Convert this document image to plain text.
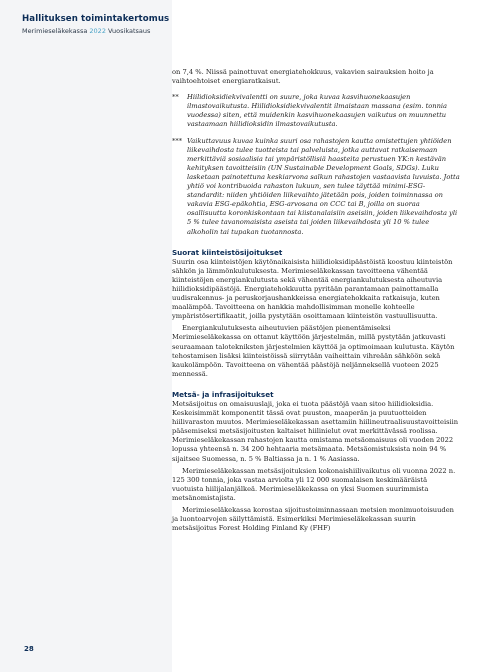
Hallituksen toimintakertomus
Merimieseläkekassa 2022 Vuosikatsaus

on 7,4 %. Niissä painottuvat energiatehokkuus, vakavien sairauksien hoito ja vaihtoehtoiset energiaratkaisut.

**	Hiilidioksidiekvivalentti on suure, joka kuvaa kasvihuonekaasujen ilmastovaikutusta. Hiilidioksidiekvivalentit ilmaistaan massana (esim. tonnia vuodessa) siten, että muidenkin kasvihuonekaasujen vaikutus on muunnettu vastaamaan hiilidioksidin ilmastovaikutusta.
*** Vaikuttavuus kuvaa kuinka suuri osa rahastojen kautta omistettujen yhtiöiden liikevaihdosta tulee tuotteista tai palveluista, jotka auttavat ratkaisemaan merkittäviä sosiaalisia tai ympäristöllisiä haasteita perustuen YK:n kestävän kehityksen tavoitteisiin (UN Sustainable Development Goals, SDGs). Luku lasketaan painotettuna keskiarvona salkun rahastojen vastaavista luvuista. Jotta yhtiö voi kontribuoida rahaston lukuun, sen tulee täyttää minimi-ESG-standardit: niiden yhtiöiden liikevaihto jätetään pois, joiden toiminnassa on vakavia ESG-epäkohtia, ESG-arvosana on CCC tai B, joilla on suoraa osallisuutta koronkiskontaan tai kiistanalaisiin aseisiin, joiden liikevaihdosta yli 5 % tulee tavanomaisista aseista tai joiden liikevaihdosta yli 10 % tulee alkoholin tai tupakan tuotannosta.
Suorat kiinteistösijoitukset

Suurin osa kiinteistöjen käytönaikaisista hiilidioksidipäästöistä koostuu kiinteistön sähkön ja lämmönkulutuksesta. Merimieseläkekassan tavoitteena vähentää kiinteistöjen energiankulutusta sekä vähentää energiankulutuksesta aiheutuvia hiilidioksidipäästöjä. Energiatehokkuutta pyritään parantamaan painottamalla uudisrakennus- ja peruskorjaushankkeissa energiatehokkaita ratkaisuja, kuten maalämpöä. Tavoitteena on hankkia mahdollisimman monelle kohteelle ympäristösertifikaatit, joilla pystytään osoittamaan kiinteistön vastuullisuutta.

Energiankulutuksesta aiheutuvien päästöjen pienentämiseksi Merimieseläkekassa on ottanut käyttöön järjestelmän, millä pystytään jatkuvasti seuraamaan talotekniksten järjestelmien käyttöä ja optimoimaan kulutusta. Käytön tehostamisen lisäksi kiinteistöissä siirrytään vaiheittain vihreään sähköön sekä kaukolämpöön. Tavoitteena on vähentää päästöjä neljänneksellä vuoteen 2025 mennessä.

Metsä- ja infrasijoitukset

Metsäsijoitus on omaisuuslaji, joka ei tuota päästöjä vaan sitoo hiilidioksidia. Keskeisimmät komponentit tässä ovat puuston, maaperän ja puutuotteiden hiilivaraston muutos. Merimieseläkekassan asettamiin hiilineutraalisuustavoitteisiin pääsemiseksi metsäsijoitusten kaltaiset hiilinielut ovat merkittävässä roolissa. Merimieseläkekassan rahastojen kautta omistama metsäomaisuus oli vuoden 2022 lopussa yhteensä n. 34 200 hehtaaria metsämaata. Metsäomistuksista noin 94 % sijaitsee Suomessa, n. 5 % Baltiassa ja n. 1 % Aasiassa.

Merimieseläkekassan metsäsijoituksien kokonaishiilivaikutus oli vuonna 2022 n. 125 300 tonnia, joka vastaa arviolta yli 12 000 suomalaisen keskimääräistä vuotuista hiilijalanjälkeä. Merimieseläkekassa on yksi Suomen suurimmista metsänomistajista.

Merimieseläkekassa korostaa sijoitustoiminnassaan metsien monimuotoisuuden ja luontoarvojen säilyttämistä. Esimerkiksi Merimieseläkekassan suurin metsäsijoitus Forest Holding Finland Ky (FHF)

28
